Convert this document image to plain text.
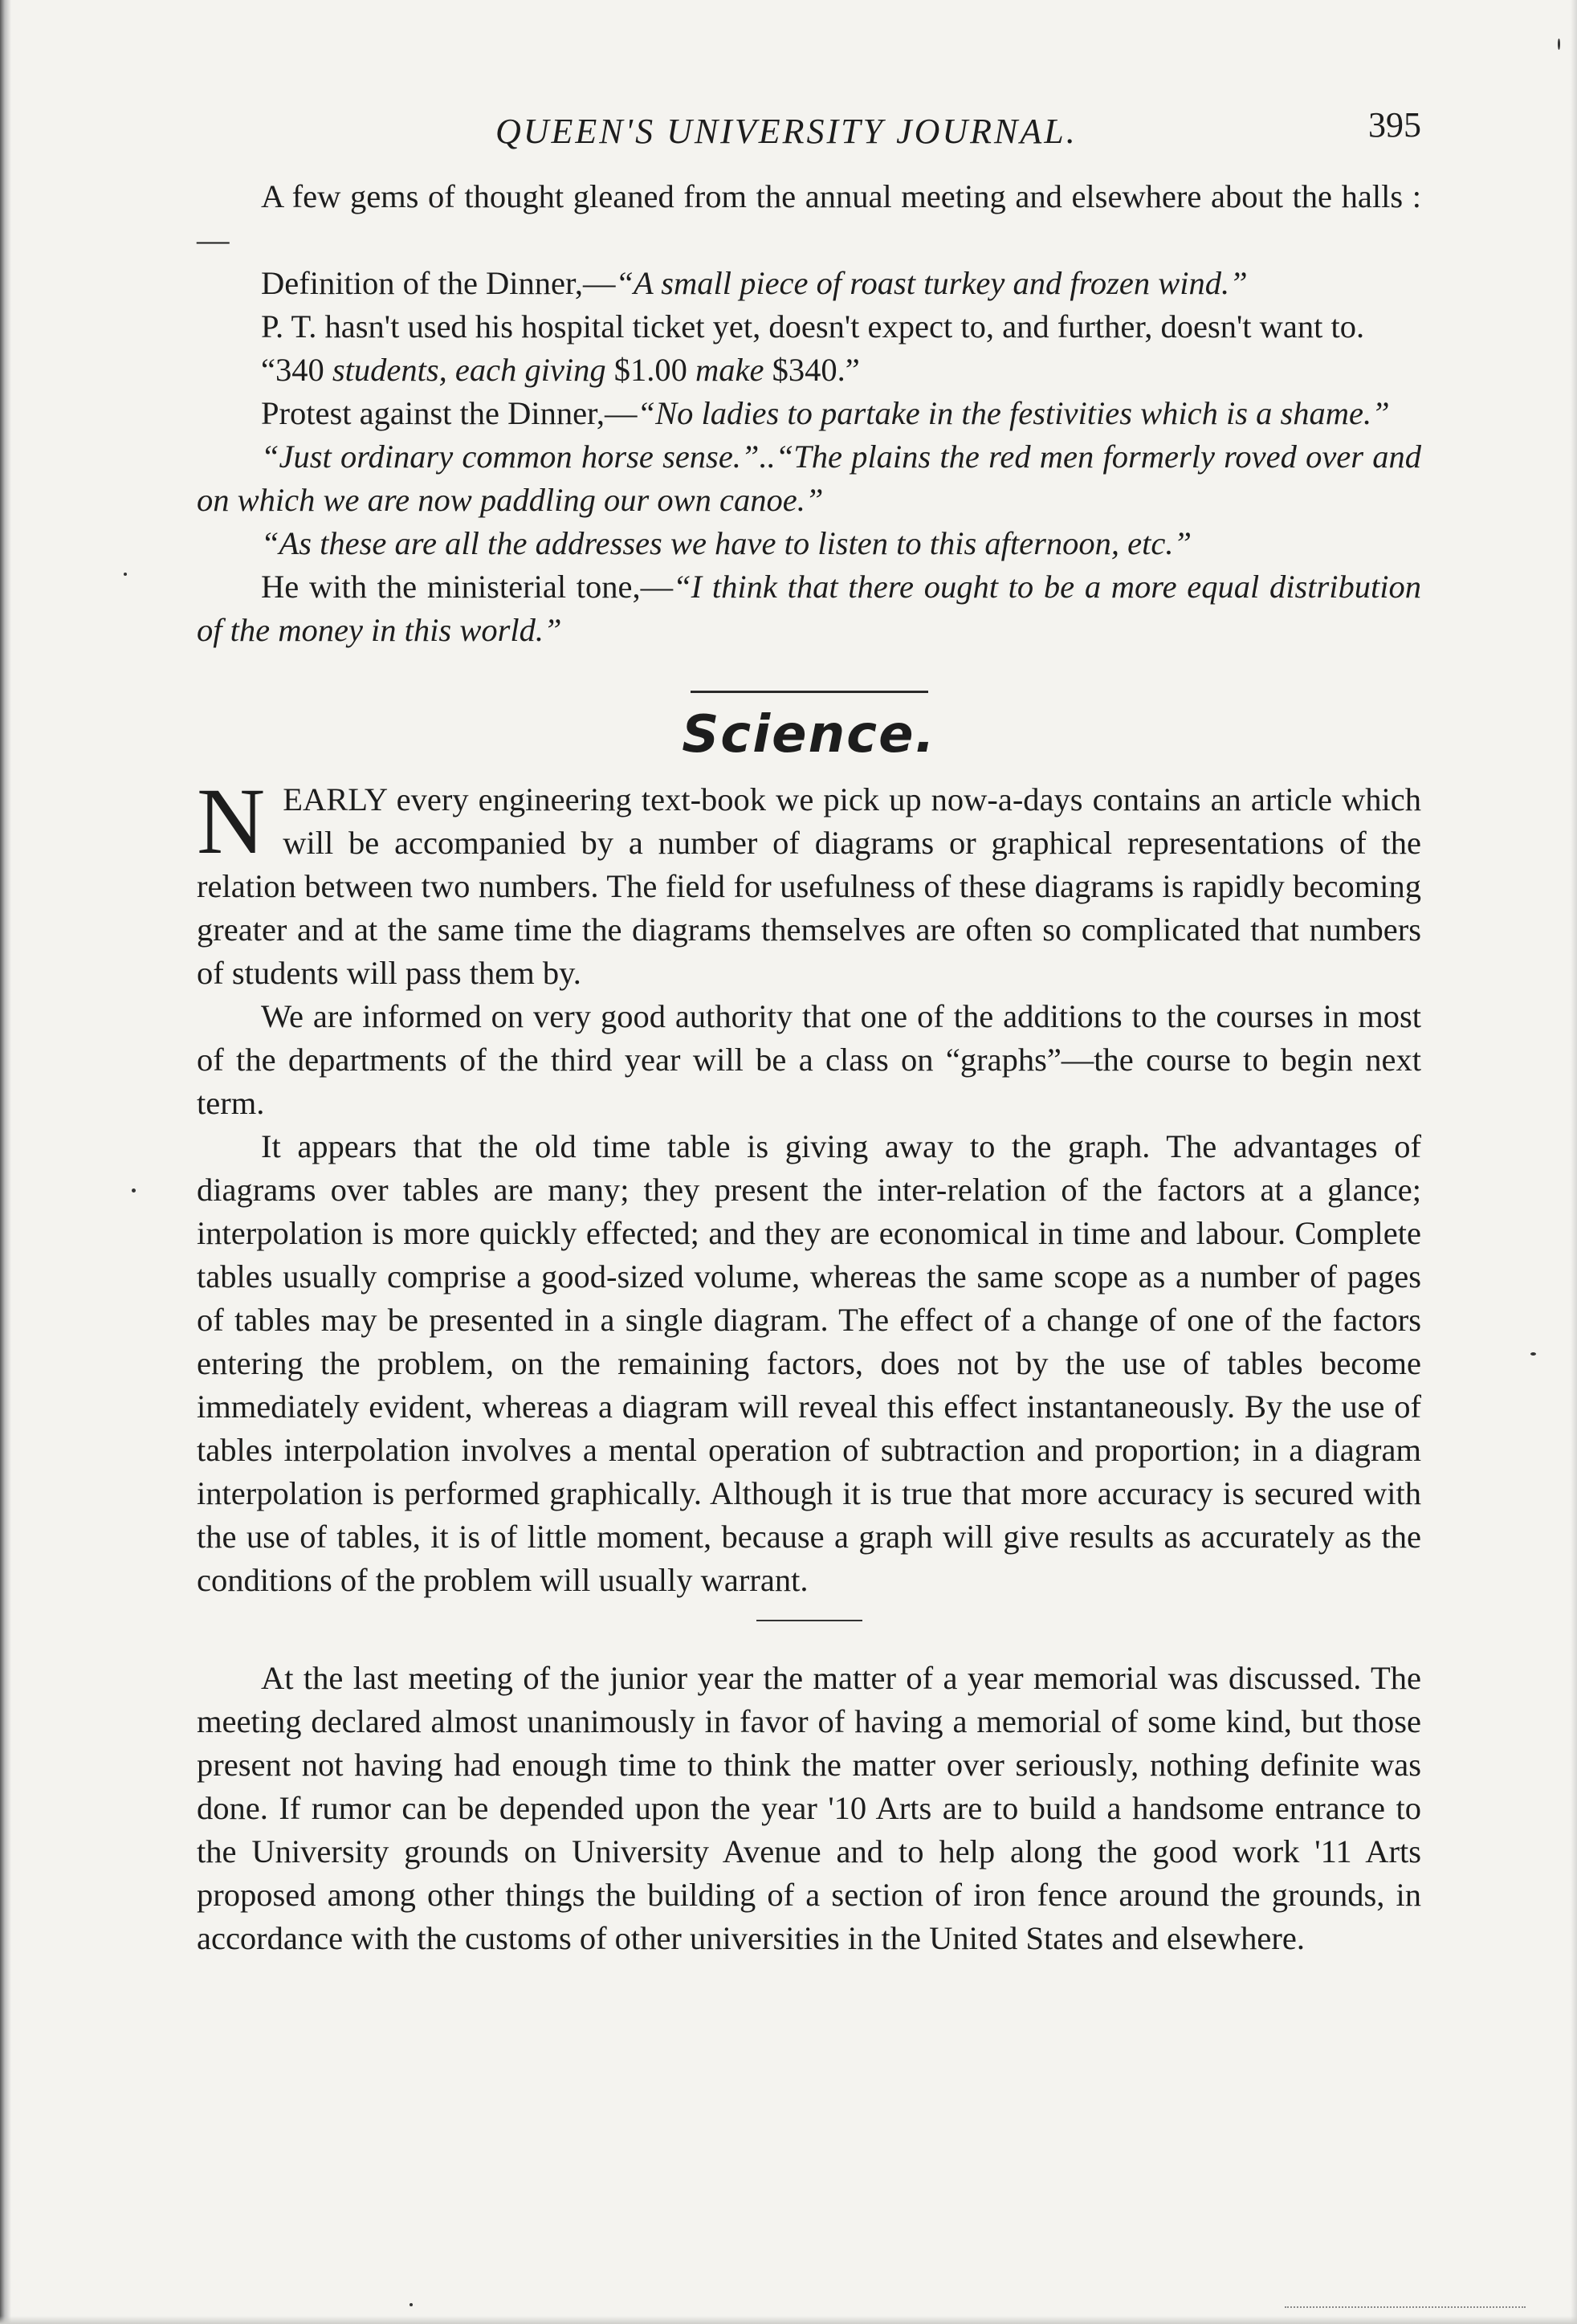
QUEEN'S UNIVERSITY JOURNAL.	395

A few gems of thought gleaned from the annual meeting and elsewhere about the halls :—

Definition of the Dinner,—“A small piece of roast turkey and frozen wind.”

P. T. hasn't used his hospital ticket yet, doesn't expect to, and further, doesn't want to.

“340 students, each giving $1.00 make $340.”

Protest against the Dinner,—“No ladies to partake in the festivities which is a shame.”

“Just ordinary common horse sense.”..“The plains the red men formerly roved over and on which we are now paddling our own canoe.”

“As these are all the addresses we have to listen to this afternoon, etc.”

He with the ministerial tone,—“I think that there ought to be a more equal distribution of the money in this world.”

Science.

NEARLY every engineering text-book we pick up now-a-days contains an article which will be accompanied by a number of diagrams or graphical representations of the relation between two numbers. The field for usefulness of these diagrams is rapidly becoming greater and at the same time the diagrams themselves are often so complicated that numbers of students will pass them by.

We are informed on very good authority that one of the additions to the courses in most of the departments of the third year will be a class on “graphs”—the course to begin next term.

It appears that the old time table is giving away to the graph. The advantages of diagrams over tables are many; they present the inter-relation of the factors at a glance; interpolation is more quickly effected; and they are economical in time and labour. Complete tables usually comprise a good-sized volume, whereas the same scope as a number of pages of tables may be presented in a single diagram. The effect of a change of one of the factors entering the problem, on the remaining factors, does not by the use of tables become immediately evident, whereas a diagram will reveal this effect instantaneously. By the use of tables interpolation involves a mental operation of subtraction and proportion; in a diagram interpolation is performed graphically. Although it is true that more accuracy is secured with the use of tables, it is of little moment, because a graph will give results as accurately as the conditions of the problem will usually warrant.

At the last meeting of the junior year the matter of a year memorial was discussed. The meeting declared almost unanimously in favor of having a memorial of some kind, but those present not having had enough time to think the matter over seriously, nothing definite was done. If rumor can be depended upon the year '10 Arts are to build a handsome entrance to the University grounds on University Avenue and to help along the good work '11 Arts proposed among other things the building of a section of iron fence around the grounds, in accordance with the customs of other universities in the United States and elsewhere.
